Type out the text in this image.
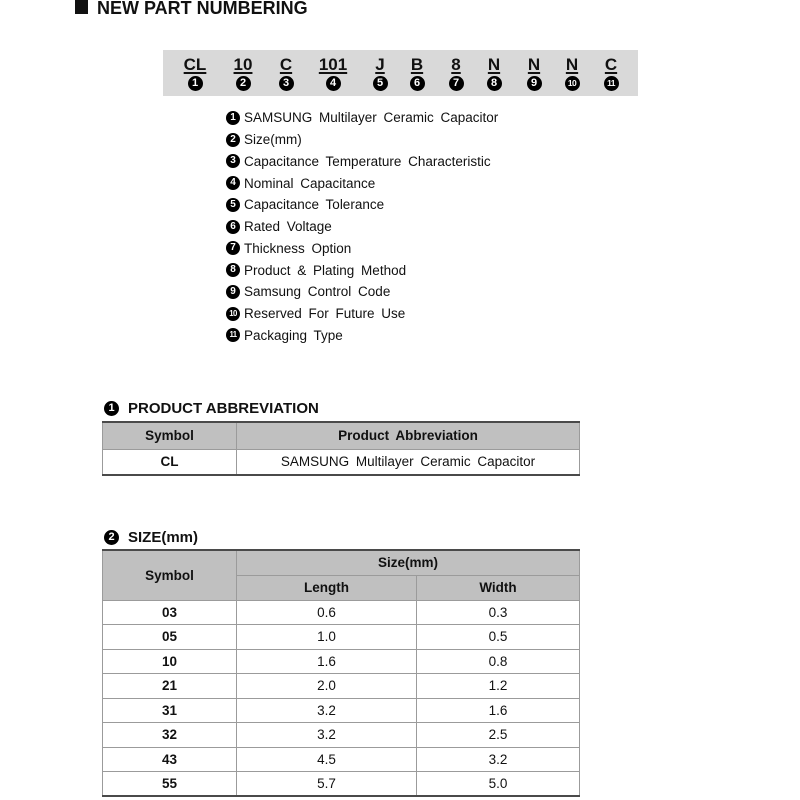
NEW PART NUMBERING
CL
1
10
2
C
3
101
4
J
5
B
6
8
7
N
8
N
9
N
10
C
11
1 SAMSUNG Multilayer Ceramic Capacitor
2 Size(mm)
3 Capacitance Temperature Characteristic
4 Nominal Capacitance
5 Capacitance Tolerance
6 Rated Voltage
7 Thickness Option
8 Product & Plating Method
9 Samsung Control Code
10 Reserved For Future Use
11 Packaging Type
1 PRODUCT ABBREVIATION
Symbol	Product Abbreviation
CL	SAMSUNG Multilayer Ceramic Capacitor
2 SIZE(mm)
Symbol	Size(mm)	
	Length	Width
03	0.6	0.3
05	1.0	0.5
10	1.6	0.8
21	2.0	1.2
31	3.2	1.6
32	3.2	2.5
43	4.5	3.2
55	5.7	5.0
